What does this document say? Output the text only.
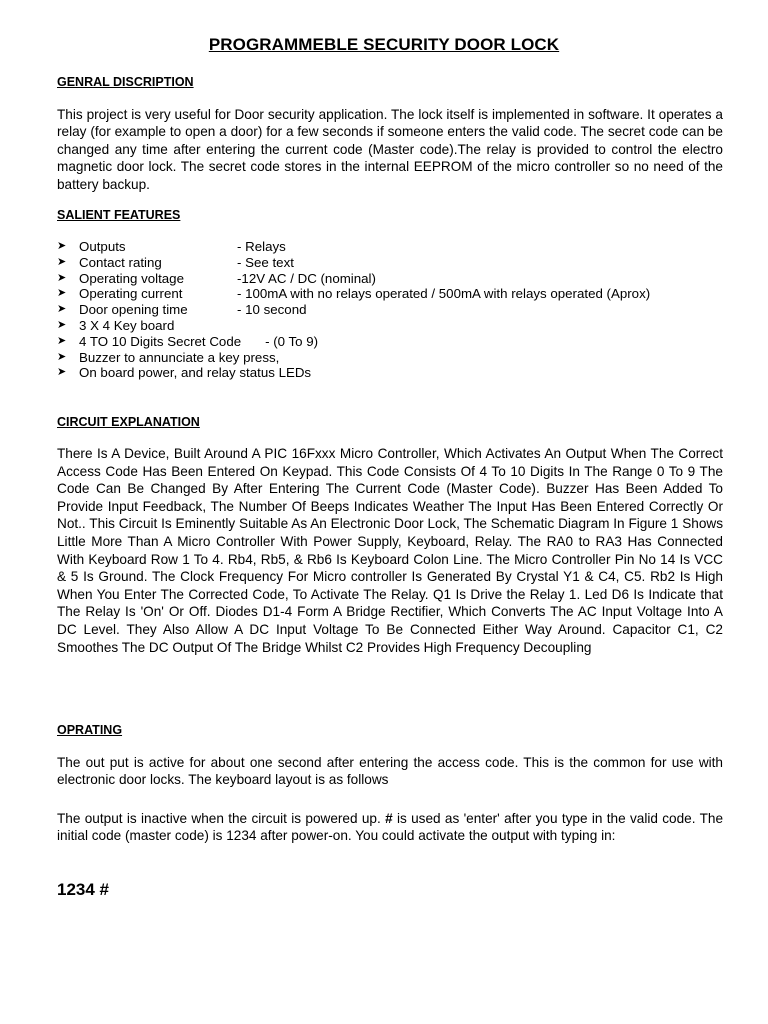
PROGRAMMEBLE SECURITY DOOR LOCK
GENRAL DISCRIPTION
This project is very useful for Door security application. The lock itself is implemented in software. It operates a relay (for example to open a door) for a few seconds if someone enters the valid code. The secret code can be changed any time after entering the current code (Master code).The relay is provided to control the electro magnetic door lock. The secret code stores in the internal EEPROM of the micro controller so no need of the battery backup.
SALIENT FEATURES
➤ Outputs	- Relays
➤ Contact rating	- See text
➤ Operating voltage	-12V AC / DC (nominal)
➤ Operating current	- 100mA with no relays operated / 500mA with relays operated (Aprox)
➤ Door opening time	- 10 second
➤ 3 X 4 Key board
➤ 4 TO 10 Digits Secret Code - (0 To 9)
➤ Buzzer to annunciate a key press,
➤ On board power, and relay status LEDs
CIRCUIT EXPLANATION
There Is A Device, Built Around A PIC 16Fxxx Micro Controller, Which Activates An Output When The Correct Access Code Has Been Entered On Keypad. This Code Consists Of 4 To 10 Digits In The Range 0 To 9 The Code Can Be Changed By After Entering The Current Code (Master Code). Buzzer Has Been Added To Provide Input Feedback, The Number Of Beeps Indicates Weather The Input Has Been Entered Correctly Or Not.. This Circuit Is Eminently Suitable As An Electronic Door Lock, The Schematic Diagram In Figure 1 Shows Little More Than A Micro Controller With Power Supply, Keyboard, Relay. The RA0 to RA3 Has Connected With Keyboard Row 1 To 4. Rb4, Rb5, & Rb6 Is Keyboard Colon Line. The Micro Controller Pin No 14 Is VCC & 5 Is Ground. The Clock Frequency For Micro controller Is Generated By Crystal Y1 & C4, C5. Rb2 Is High When You Enter The Corrected Code, To Activate The Relay. Q1 Is Drive the Relay 1. Led D6 Is Indicate that The Relay Is 'On' Or Off. Diodes D1-4 Form A Bridge Rectifier, Which Converts The AC Input Voltage Into A DC Level. They Also Allow A DC Input Voltage To Be Connected Either Way Around. Capacitor C1, C2 Smoothes The DC Output Of The Bridge Whilst C2 Provides High Frequency Decoupling
OPRATING
The out put is active for about one second after entering the access code. This is the common for use with electronic door locks. The keyboard layout is as follows
The output is inactive when the circuit is powered up. # is used as 'enter' after you type in the valid code. The initial code (master code) is 1234 after power-on. You could activate the output with typing in:
1234 #
